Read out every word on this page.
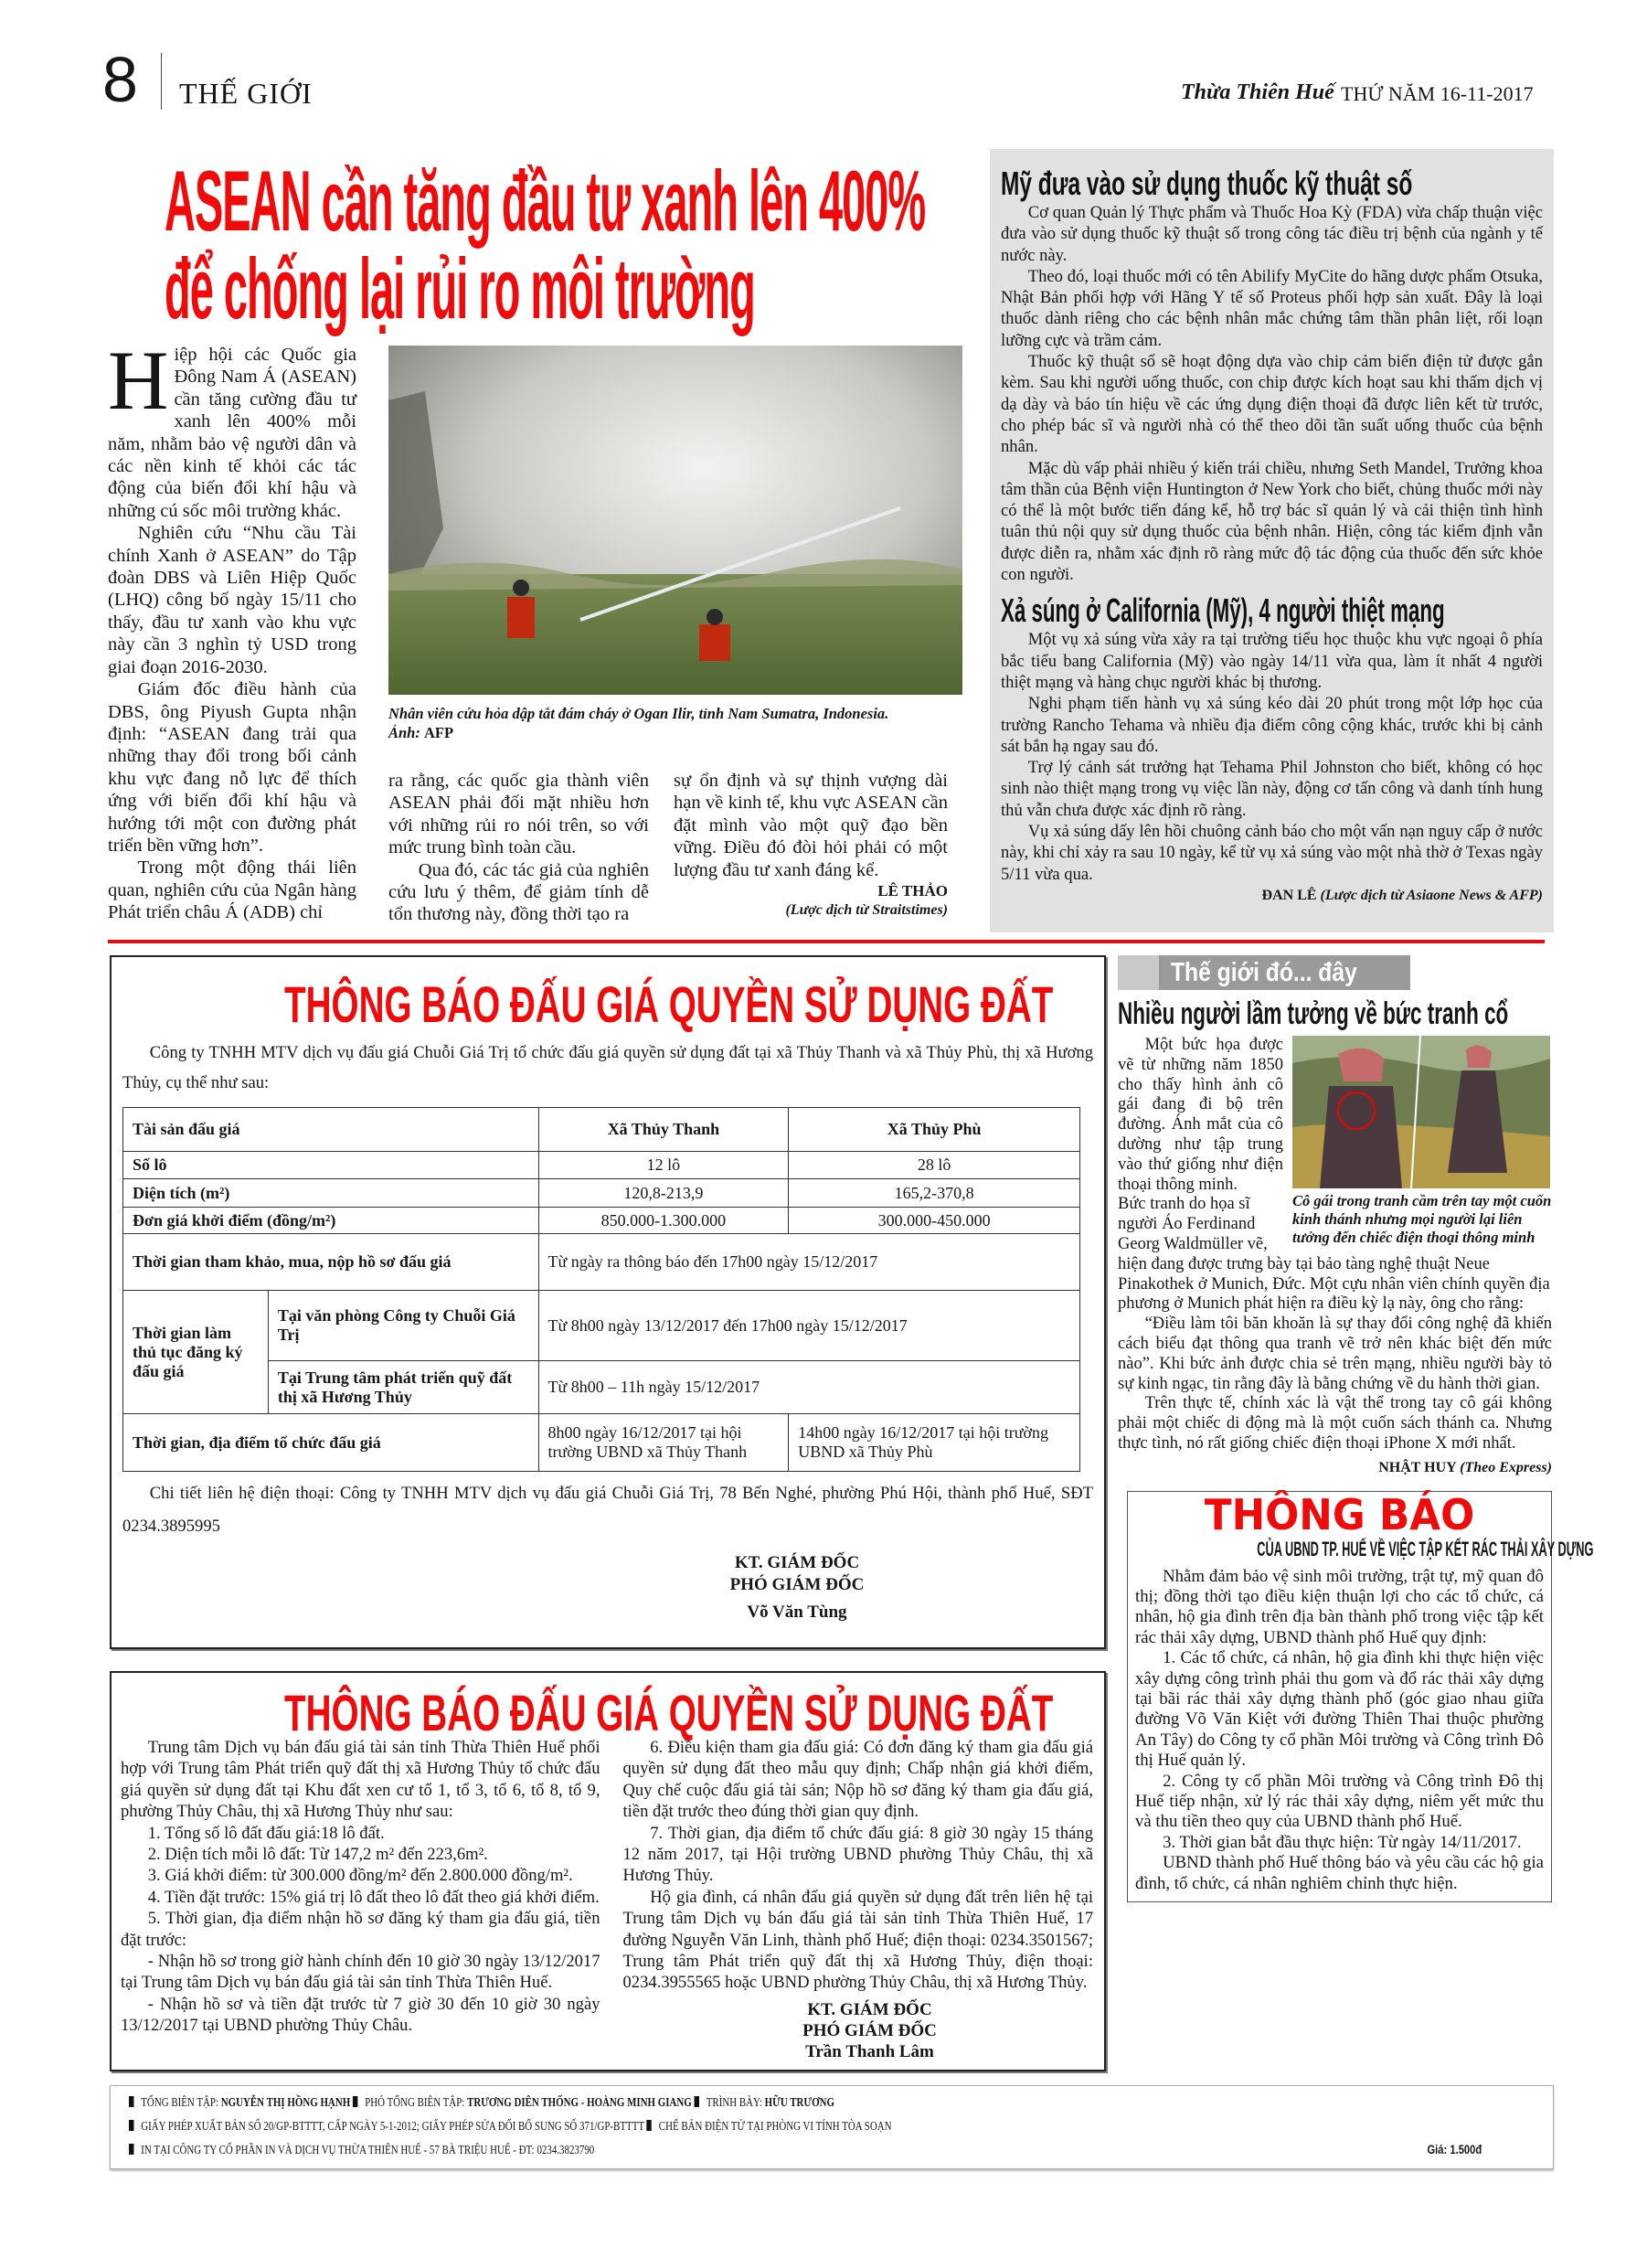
8 THẾ GIỚI	Thừa Thiên Huế THỨ NĂM 16-11-2017
ASEAN cần tăng đầu tư xanh lên 400%
để chống lại rủi ro môi trường
H iệp hội các Quốc gia Đông Nam Á (ASEAN) cần tăng cường đầu tư xanh lên 400% mỗi năm, nhằm bảo vệ người dân và các nền kinh tế khỏi các tác động của biến đổi khí hậu và những cú sốc môi trường khác.

Nghiên cứu “Nhu cầu Tài chính Xanh ở ASEAN” do Tập đoàn DBS và Liên Hiệp Quốc (LHQ) công bố ngày 15/11 cho thấy, đầu tư xanh vào khu vực này cần 3 nghìn tỷ USD trong giai đoạn 2016-2030.

Giám đốc điều hành của DBS, ông Piyush Gupta nhận định: “ASEAN đang trải qua những thay đổi trong bối cảnh khu vực đang nỗ lực để thích ứng với biến đổi khí hậu và hướng tới một con đường phát triển bền vững hơn”.

Trong một động thái liên quan, nghiên cứu của Ngân hàng Phát triển châu Á (ADB) chỉ

Nhân viên cứu hỏa dập tắt đám cháy ở Ogan Ilir, tỉnh Nam Sumatra, Indonesia.
Ảnh: AFP

ra rằng, các quốc gia thành viên ASEAN phải đối mặt nhiều hơn với những rủi ro nói trên, so với mức trung bình toàn cầu.

Qua đó, các tác giả của nghiên cứu lưu ý thêm, để giảm tính dễ tổn thương này, đồng thời tạo ra

sự ổn định và sự thịnh vượng dài hạn về kinh tế, khu vực ASEAN cần đặt mình vào một quỹ đạo bền vững. Điều đó đòi hỏi phải có một lượng đầu tư xanh đáng kể.

LÊ THẢO
(Lược dịch từ Straitstimes)
Mỹ đưa vào sử dụng thuốc kỹ thuật số

Cơ quan Quản lý Thực phẩm và Thuốc Hoa Kỳ (FDA) vừa chấp thuận việc đưa vào sử dụng thuốc kỹ thuật số trong công tác điều trị bệnh của ngành y tế nước này.

Theo đó, loại thuốc mới có tên Abilify MyCite do hãng dược phẩm Otsuka, Nhật Bản phối hợp với Hãng Y tế số Proteus phối hợp sản xuất. Đây là loại thuốc dành riêng cho các bệnh nhân mắc chứng tâm thần phân liệt, rối loạn lưỡng cực và trầm cảm.

Thuốc kỹ thuật số sẽ hoạt động dựa vào chip cảm biến điện tử được gắn kèm. Sau khi người uống thuốc, con chip được kích hoạt sau khi thấm dịch vị dạ dày và báo tín hiệu về các ứng dụng điện thoại đã được liên kết từ trước, cho phép bác sĩ và người nhà có thể theo dõi tần suất uống thuốc của bệnh nhân.

Mặc dù vấp phải nhiều ý kiến trái chiều, nhưng Seth Mandel, Trưởng khoa tâm thần của Bệnh viện Huntington ở New York cho biết, chủng thuốc mới này có thể là một bước tiến đáng kể, hỗ trợ bác sĩ quản lý và cải thiện tình hình tuân thủ nội quy sử dụng thuốc của bệnh nhân. Hiện, công tác kiểm định vẫn được diễn ra, nhằm xác định rõ ràng mức độ tác động của thuốc đến sức khỏe con người.

Xả súng ở California (Mỹ), 4 người thiệt mạng

Một vụ xả súng vừa xảy ra tại trường tiểu học thuộc khu vực ngoại ô phía bắc tiểu bang California (Mỹ) vào ngày 14/11 vừa qua, làm ít nhất 4 người thiệt mạng và hàng chục người khác bị thương.

Nghi phạm tiến hành vụ xả súng kéo dài 20 phút trong một lớp học của trường Rancho Tehama và nhiều địa điểm công cộng khác, trước khi bị cảnh sát bắn hạ ngay sau đó.

Trợ lý cảnh sát trưởng hạt Tehama Phil Johnston cho biết, không có học sinh nào thiệt mạng trong vụ việc lần này, động cơ tấn công và danh tính hung thủ vẫn chưa được xác định rõ ràng.

Vụ xả súng dấy lên hồi chuông cảnh báo cho một vấn nạn nguy cấp ở nước này, khi chỉ xảy ra sau 10 ngày, kể từ vụ xả súng vào một nhà thờ ở Texas ngày 5/11 vừa qua.

ĐAN LÊ (Lược dịch từ Asiaone News & AFP)
THÔNG BÁO ĐẤU GIÁ QUYỀN SỬ DỤNG ĐẤT

Công ty TNHH MTV dịch vụ đấu giá Chuỗi Giá Trị tổ chức đấu giá quyền sử dụng đất tại xã Thủy Thanh và xã Thủy Phù, thị xã Hương Thủy, cụ thể như sau:

Tài sản đấu giá		Xã Thủy Thanh	Xã Thủy Phù
Số lô		12 lô	28 lô
Diện tích (m²)		120,8-213,9	165,2-370,8
Đơn giá khởi điểm (đồng/m²)		850.000-1.300.000	300.000-450.000
Thời gian tham khảo, mua, nộp hồ sơ đấu giá		Từ ngày ra thông báo đến 17h00 ngày 15/12/2017	
Thời gian làm thủ tục đăng ký đấu giá	Tại văn phòng Công ty Chuỗi Giá Trị	Từ 8h00 ngày 13/12/2017 đến 17h00 ngày 15/12/2017	
	Tại Trung tâm phát triển quỹ đất thị xã Hương Thủy	Từ 8h00 – 11h ngày 15/12/2017	
Thời gian, địa điểm tổ chức đấu giá		8h00 ngày 16/12/2017 tại hội trường UBND xã Thủy Thanh	14h00 ngày 16/12/2017 tại hội trường UBND xã Thủy Phù

Chi tiết liên hệ điện thoại: Công ty TNHH MTV dịch vụ đấu giá Chuỗi Giá Trị, 78 Bến Nghé, phường Phú Hội, thành phố Huế, SĐT 0234.3895995

KT. GIÁM ĐỐC
PHÓ GIÁM ĐỐC
Võ Văn Tùng
THÔNG BÁO ĐẤU GIÁ QUYỀN SỬ DỤNG ĐẤT

Trung tâm Dịch vụ bán đấu giá tài sản tỉnh Thừa Thiên Huế phối hợp với Trung tâm Phát triển quỹ đất thị xã Hương Thủy tổ chức đấu giá quyền sử dụng đất tại Khu đất xen cư tổ 1, tổ 3, tổ 6, tổ 8, tổ 9, phường Thủy Châu, thị xã Hương Thủy như sau:

1. Tổng số lô đất đấu giá:18 lô đất.

2. Diện tích mỗi lô đất: Từ 147,2 m² đến 223,6m².

3. Giá khởi điểm: từ 300.000 đồng/m² đến 2.800.000 đồng/m².

4. Tiền đặt trước: 15% giá trị lô đất theo lô đất theo giá khởi điểm.

5. Thời gian, địa điểm nhận hồ sơ đăng ký tham gia đấu giá, tiền đặt trước:

- Nhận hồ sơ trong giờ hành chính đến 10 giờ 30 ngày 13/12/2017 tại Trung tâm Dịch vụ bán đấu giá tài sản tỉnh Thừa Thiên Huế.

- Nhận hồ sơ và tiền đặt trước từ 7 giờ 30 đến 10 giờ 30 ngày 13/12/2017 tại UBND phường Thủy Châu.

6. Điều kiện tham gia đấu giá: Có đơn đăng ký tham gia đấu giá quyền sử dụng đất theo mẫu quy định; Chấp nhận giá khởi điểm, Quy chế cuộc đấu giá tài sản; Nộp hồ sơ đăng ký tham gia đấu giá, tiền đặt trước theo đúng thời gian quy định.

7. Thời gian, địa điểm tổ chức đấu giá: 8 giờ 30 ngày 15 tháng 12 năm 2017, tại Hội trường UBND phường Thủy Châu, thị xã Hương Thủy.

Hộ gia đình, cá nhân đấu giá quyền sử dụng đất trên liên hệ tại Trung tâm Dịch vụ bán đấu giá tài sản tỉnh Thừa Thiên Huế, 17 đường Nguyễn Văn Linh, thành phố Huế; điện thoại: 0234.3501567; Trung tâm Phát triển quỹ đất thị xã Hương Thủy, điện thoại: 0234.3955565 hoặc UBND phường Thủy Châu, thị xã Hương Thủy.

KT. GIÁM ĐỐC
PHÓ GIÁM ĐỐC
Trần Thanh Lâm
Thế giới đó... đây
Nhiều người lầm tưởng về bức tranh cổ
Cô gái trong tranh cầm trên tay một cuốn kinh thánh nhưng mọi người lại liên tưởng đến chiếc điện thoại thông minh

Một bức họa được vẽ từ những năm 1850 cho thấy hình ảnh cô gái đang đi bộ trên đường. Ánh mắt của cô dường như tập trung vào thứ giống như điện thoại thông minh.

Bức tranh do họa sĩ người Áo

Ferdinand Georg Waldmüller vẽ, hiện đang được trưng bày tại bảo tàng nghệ thuật Neue Pinakothek ở Munich, Đức. Một cựu nhân viên chính quyền địa phương ở Munich phát hiện ra điều kỳ lạ này, ông cho rằng:

“Điều làm tôi băn khoăn là sự thay đổi công nghệ đã khiến cách biểu đạt thông qua tranh vẽ trở nên khác biệt đến mức nào”. Khi bức ảnh được chia sẻ trên mạng, nhiều người bày tỏ sự kinh ngạc, tin rằng đây là bằng chứng về du hành thời gian.

Trên thực tế, chính xác là vật thể trong tay cô gái không phải một chiếc di động mà là một cuốn sách thánh ca. Nhưng thực tình, nó rất giống chiếc điện thoại iPhone X mới nhất.

NHẬT HUY (Theo Express)
THÔNG BÁO
CỦA UBND TP. HUẾ VỀ VIỆC TẬP KẾT RÁC THẢI XÂY DỰNG

Nhằm đảm bảo vệ sinh môi trường, trật tự, mỹ quan đô thị; đồng thời tạo điều kiện thuận lợi cho các tổ chức, cá nhân, hộ gia đình trên địa bàn thành phố trong việc tập kết rác thải xây dựng, UBND thành phố Huế quy định:

1. Các tổ chức, cá nhân, hộ gia đình khi thực hiện việc xây dựng công trình phải thu gom và đổ rác thải xây dựng tại bãi rác thải xây dựng thành phố (góc giao nhau giữa đường Võ Văn Kiệt với đường Thiên Thai thuộc phường An Tây) do Công ty cổ phần Môi trường và Công trình Đô thị Huế quản lý.

2. Công ty cổ phần Môi trường và Công trình Đô thị Huế tiếp nhận, xử lý rác thải xây dựng, niêm yết mức thu và thu tiền theo quy của UBND thành phố Huế.

3. Thời gian bắt đầu thực hiện: Từ ngày 14/11/2017.

UBND thành phố Huế thông báo và yêu cầu các hộ gia đình, tổ chức, cá nhân nghiêm chỉnh thực hiện.

TỔNG BIÊN TẬP: NGUYỄN THỊ HỒNG HẠNH PHÓ TỔNG BIÊN TẬP: TRƯƠNG DIÊN THỐNG - HOÀNG MINH GIANG TRÌNH BÀY: HỮU TRƯƠNG
GIẤY PHÉP XUẤT BẢN SỐ 20/GP-BTTTT, CẤP NGÀY 5-1-2012; GIẤY PHÉP SỬA ĐỔI BỔ SUNG SỐ 371/GP-BTTTT CHẾ BẢN ĐIỆN TỬ TẠI PHÒNG VI TÍNH TÒA SOẠN
IN TẠI CÔNG TY CỔ PHẦN IN VÀ DỊCH VỤ THỪA THIÊN HUẾ - 57 BÀ TRIỆU HUẾ - ĐT: 0234.3823790	Giá: 1.500đ
